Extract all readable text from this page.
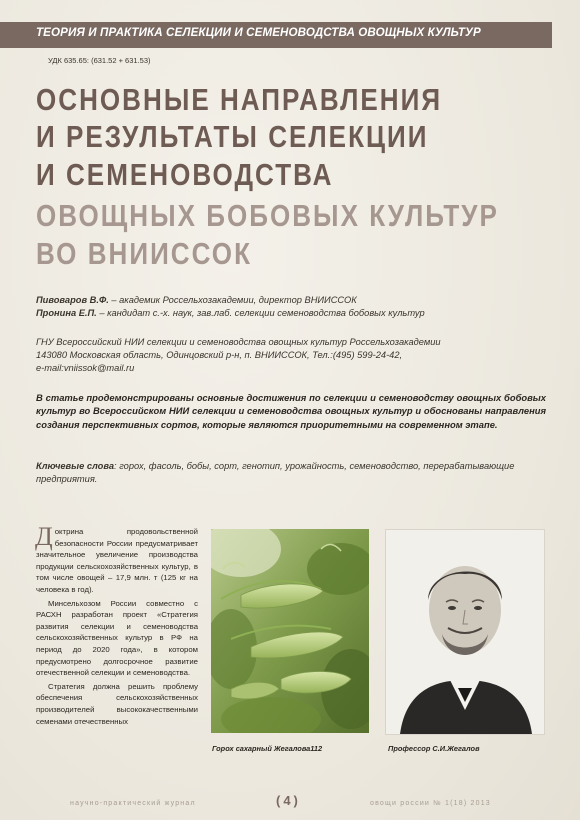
ТЕОРИЯ И ПРАКТИКА СЕЛЕКЦИИ И СЕМЕНОВОДСТВА ОВОЩНЫХ КУЛЬТУР
УДК 635.65: (631.52 + 631.53)
ОСНОВНЫЕ НАПРАВЛЕНИЯ
И РЕЗУЛЬТАТЫ СЕЛЕКЦИИ
И СЕМЕНОВОДСТВА
ОВОЩНЫХ БОБОВЫХ КУЛЬТУР
ВО ВНИИССОК
Пивоваров В.Ф. – академик Россельхозакадемии, директор ВНИИССОК
Пронина Е.П. – кандидат с.-х. наук, зав.лаб. селекции семеноводства бобовых культур
ГНУ Всероссийский НИИ селекции и семеноводства овощных культур Россельхозакадемии
143080 Московская область, Одинцовский р-н, п. ВНИИССОК, Тел.:(495) 599-24-42,
e-mail:vniissok@mail.ru
В статье продемонстрированы основные достижения по селекции и семеноводству овощных бобовых культур во Всероссийском НИИ селекции и семеноводства овощных культур и обоснованы направления создания перспективных сортов, которые являются приоритетными на современном этапе.
Ключевые слова: горох, фасоль, бобы, сорт, генотип, урожайность, семеноводство, перерабатывающие предприятия.

Доктрина продовольственной безопасности России предусматривает значительное увеличение производства продукции сельскохозяйственных культур, в том числе овощей – 17,9 млн. т (125 кг на человека в год).

Минсельхозом России совместно с РАСХН разработан проект «Стратегия развития селекции и семеноводства сельскохозяйственных культур в РФ на период до 2020 года», в котором предусмотрено долгосрочное развитие отечественной селекции и семеноводства.

Стратегия должна решить проблему обеспечения сельскохозяйственных производителей высококачественными семенами отечественных

Горох сахарный Жегалова112	Профессор С.И.Жегалов
научно-практический журнал	(4)	овощи россии № 1(18) 2013
